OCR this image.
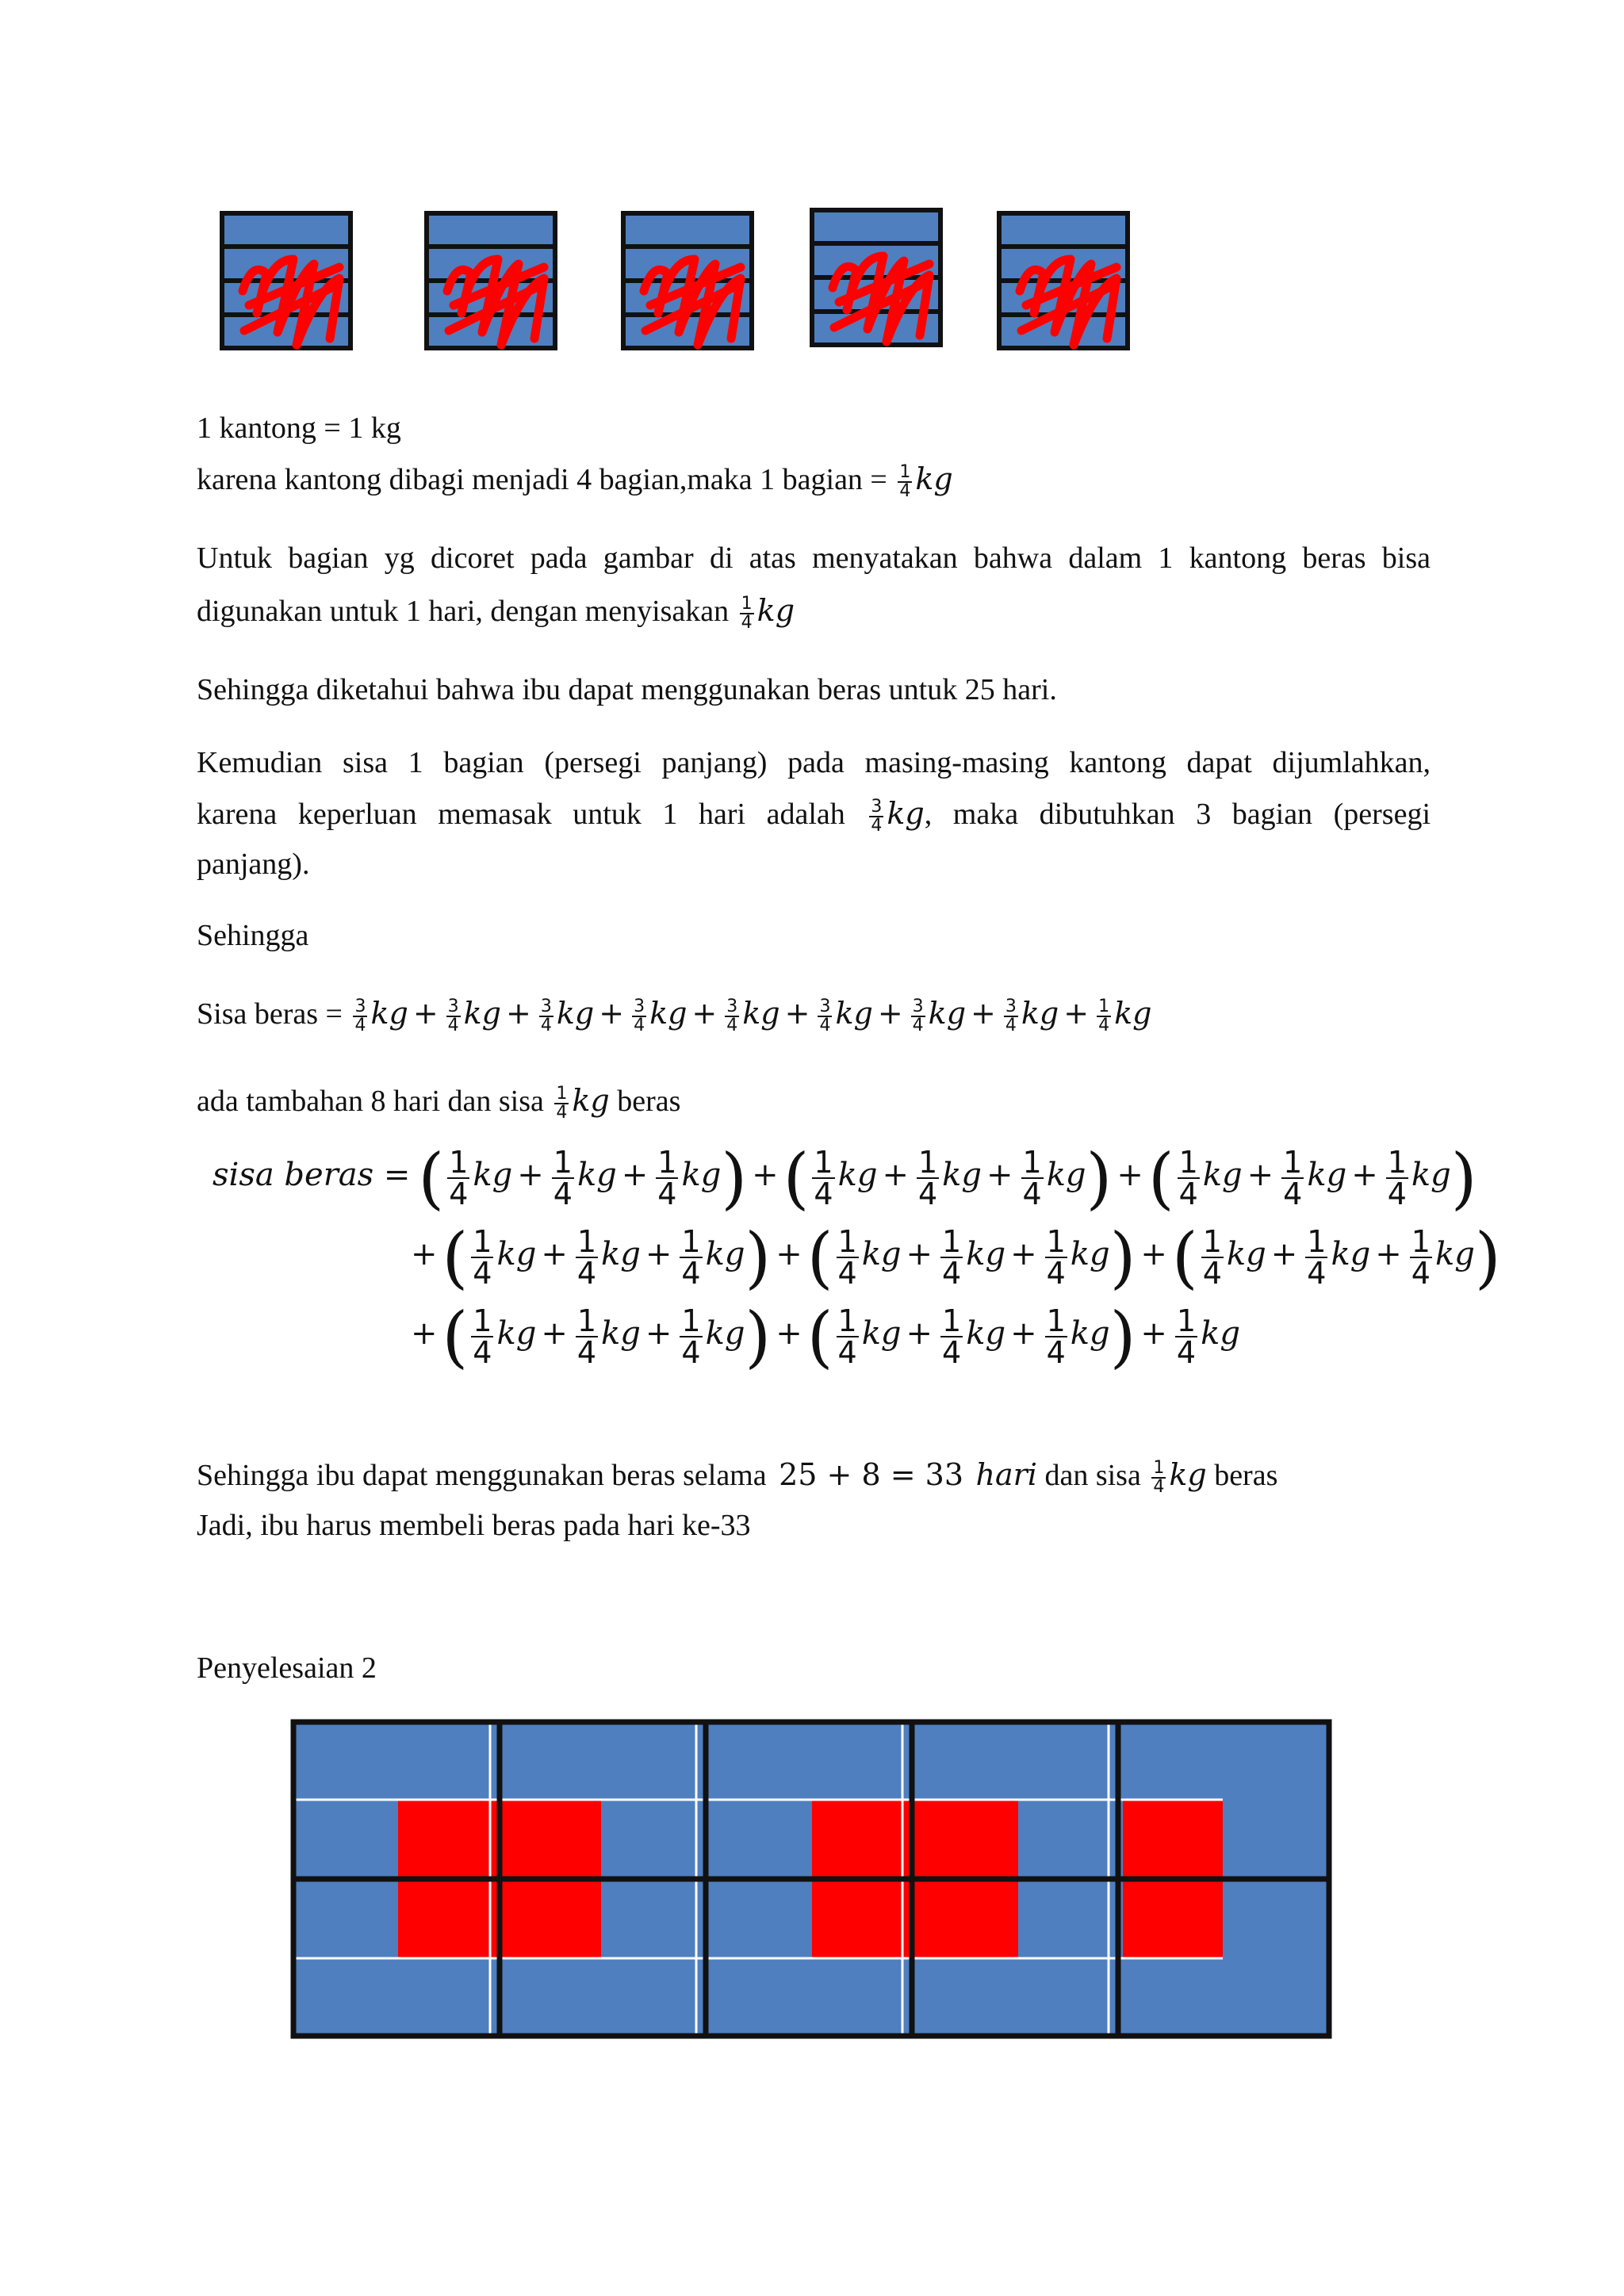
1 kantong = 1 kg
karena kantong dibagi menjadi 4 bagian,maka 1 bagian = $\frac{1}{4}$ kg
Untuk bagian yg dicoret pada gambar di atas menyatakan bahwa dalam 1 kantong beras bisa
digunakan untuk 1 hari, dengan menyisakan $\frac{1}{4}$ kg
Sehingga diketahui bahwa ibu dapat menggunakan beras untuk 25 hari.
Kemudian sisa 1 bagian (persegi panjang) pada masing-masing kantong dapat dijumlahkan,
karena keperluan memasak untuk 1 hari adalah $\frac{3}{4}$ kg, maka dibutuhkan 3 bagian (persegi
panjang).
Sehingga
Sisa beras = $\frac{3}{4}$ kg + $\frac{3}{4}$ kg + $\frac{3}{4}$ kg + $\frac{3}{4}$ kg + $\frac{3}{4}$ kg + $\frac{3}{4}$ kg + $\frac{3}{4}$ kg + $\frac{3}{4}$ kg + $\frac{1}{4}$ kg
ada tambahan 8 hari dan sisa $\frac{1}{4}$ kg beras
sisa beras = ( $\frac{1}{4}$ kg + $\frac{1}{4}$ kg + $\frac{1}{4} kg$) +( $\frac{1}{4}$ kg + $\frac{1}{4}$ kg + $\frac{1}{4} kg$) +( $\frac{1}{4}$ kg + $\frac{1}{4}$ kg + $\frac{1}{4} kg$)
+( $\frac{1}{4}$ kg + $\frac{1}{4}$ kg + $\frac{1}{4} kg$) +( $\frac{1}{4}$ kg + $\frac{1}{4}$ kg + $\frac{1}{4} kg$) +( $\frac{1}{4}$ kg + $\frac{1}{4}$ kg + $\frac{1}{4} kg$)
+( $\frac{1}{4}$ kg + $\frac{1}{4}$ kg + $\frac{1}{4} kg$) +( $\frac{1}{4}$ kg + $\frac{1}{4}$ kg + $\frac{1}{4} kg) + \frac{1}{4}$ kg
Sehingga ibu dapat menggunakan beras selama 25 + 8 = 33 hari dan sisa $\frac{1}{4}$ kg beras
Jadi, ibu harus membeli beras pada hari ke-33
Penyelesaian 2
